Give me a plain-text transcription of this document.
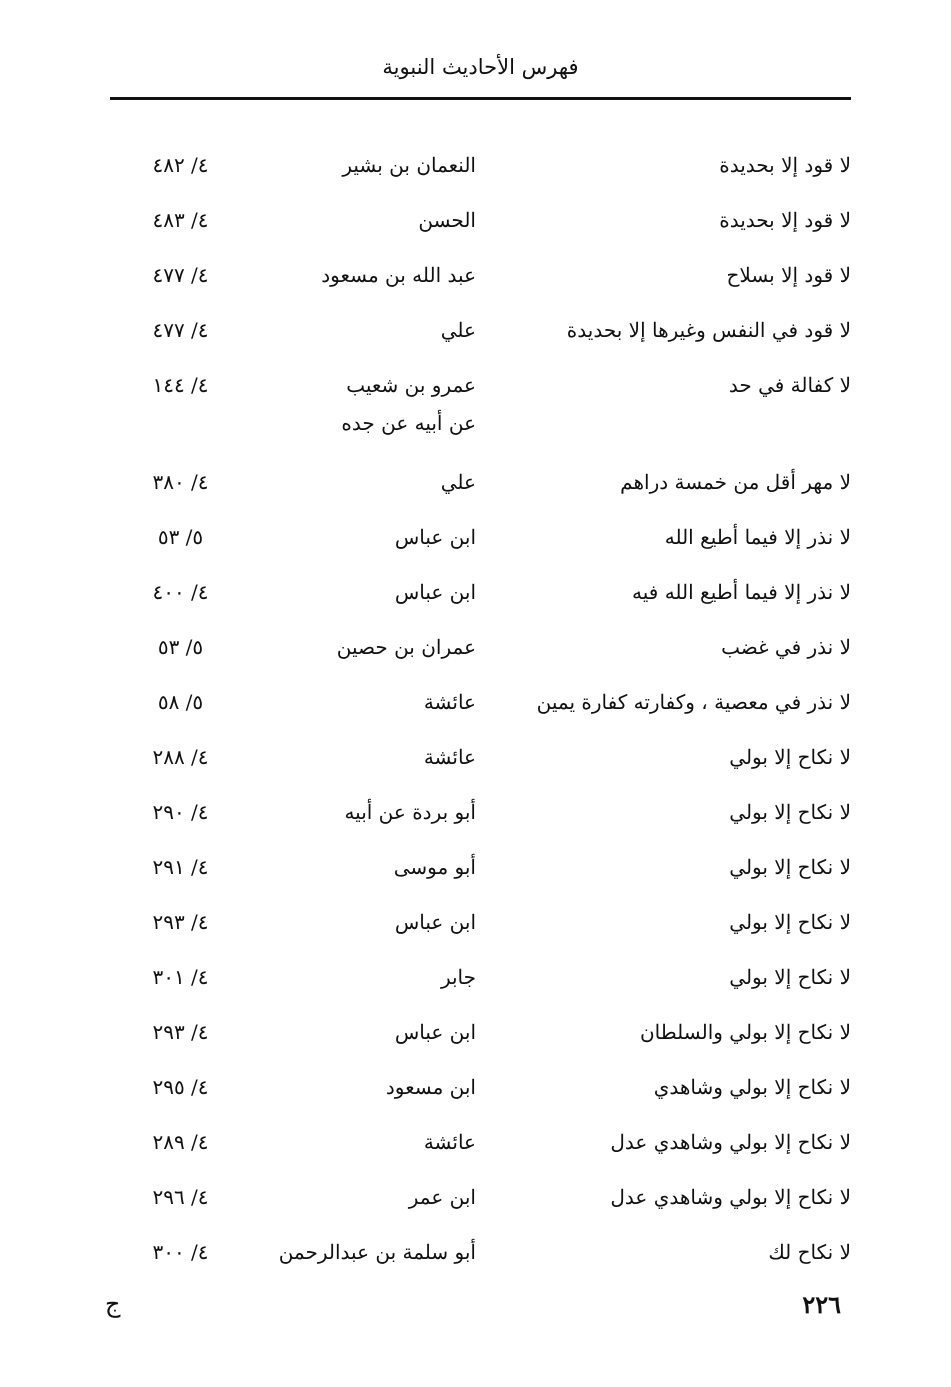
فهرس الأحاديث النبوية
لا قود إلا بحديدة
النعمان بن بشير
٤/ ٤٨٢
لا قود إلا بحديدة
الحسن
٤/ ٤٨٣
لا قود إلا بسلاح
عبد الله بن مسعود
٤/ ٤٧٧
لا قود في النفس وغيرها إلا بحديدة
علي
٤/ ٤٧٧
لا كفالة في حد
عمرو بن شعيب
عن أبيه عن جده
٤/ ١٤٤
لا مهر أقل من خمسة دراهم
علي
٤/ ٣٨٠
لا نذر إلا فيما أطيع الله
ابن عباس
٥/ ٥٣
لا نذر إلا فيما أطيع الله فيه
ابن عباس
٤/ ٤٠٠
لا نذر في غضب
عمران بن حصين
٥/ ٥٣
لا نذر في معصية ، وكفارته كفارة يمين
عائشة
٥/ ٥٨
لا نكاح إلا بولي
عائشة
٤/ ٢٨٨
لا نكاح إلا بولي
أبو بردة عن أبيه
٤/ ٢٩٠
لا نكاح إلا بولي
أبو موسى
٤/ ٢٩١
لا نكاح إلا بولي
ابن عباس
٤/ ٢٩٣
لا نكاح إلا بولي
جابر
٤/ ٣٠١
لا نكاح إلا بولي والسلطان
ابن عباس
٤/ ٢٩٣
لا نكاح إلا بولي وشاهدي
ابن مسعود
٤/ ٢٩٥
لا نكاح إلا بولي وشاهدي عدل
عائشة
٤/ ٢٨٩
لا نكاح إلا بولي وشاهدي عدل
ابن عمر
٤/ ٢٩٦
لا نكاح لك
أبو سلمة بن عبدالرحمن
٤/ ٣٠٠
٢٢٦
ج
